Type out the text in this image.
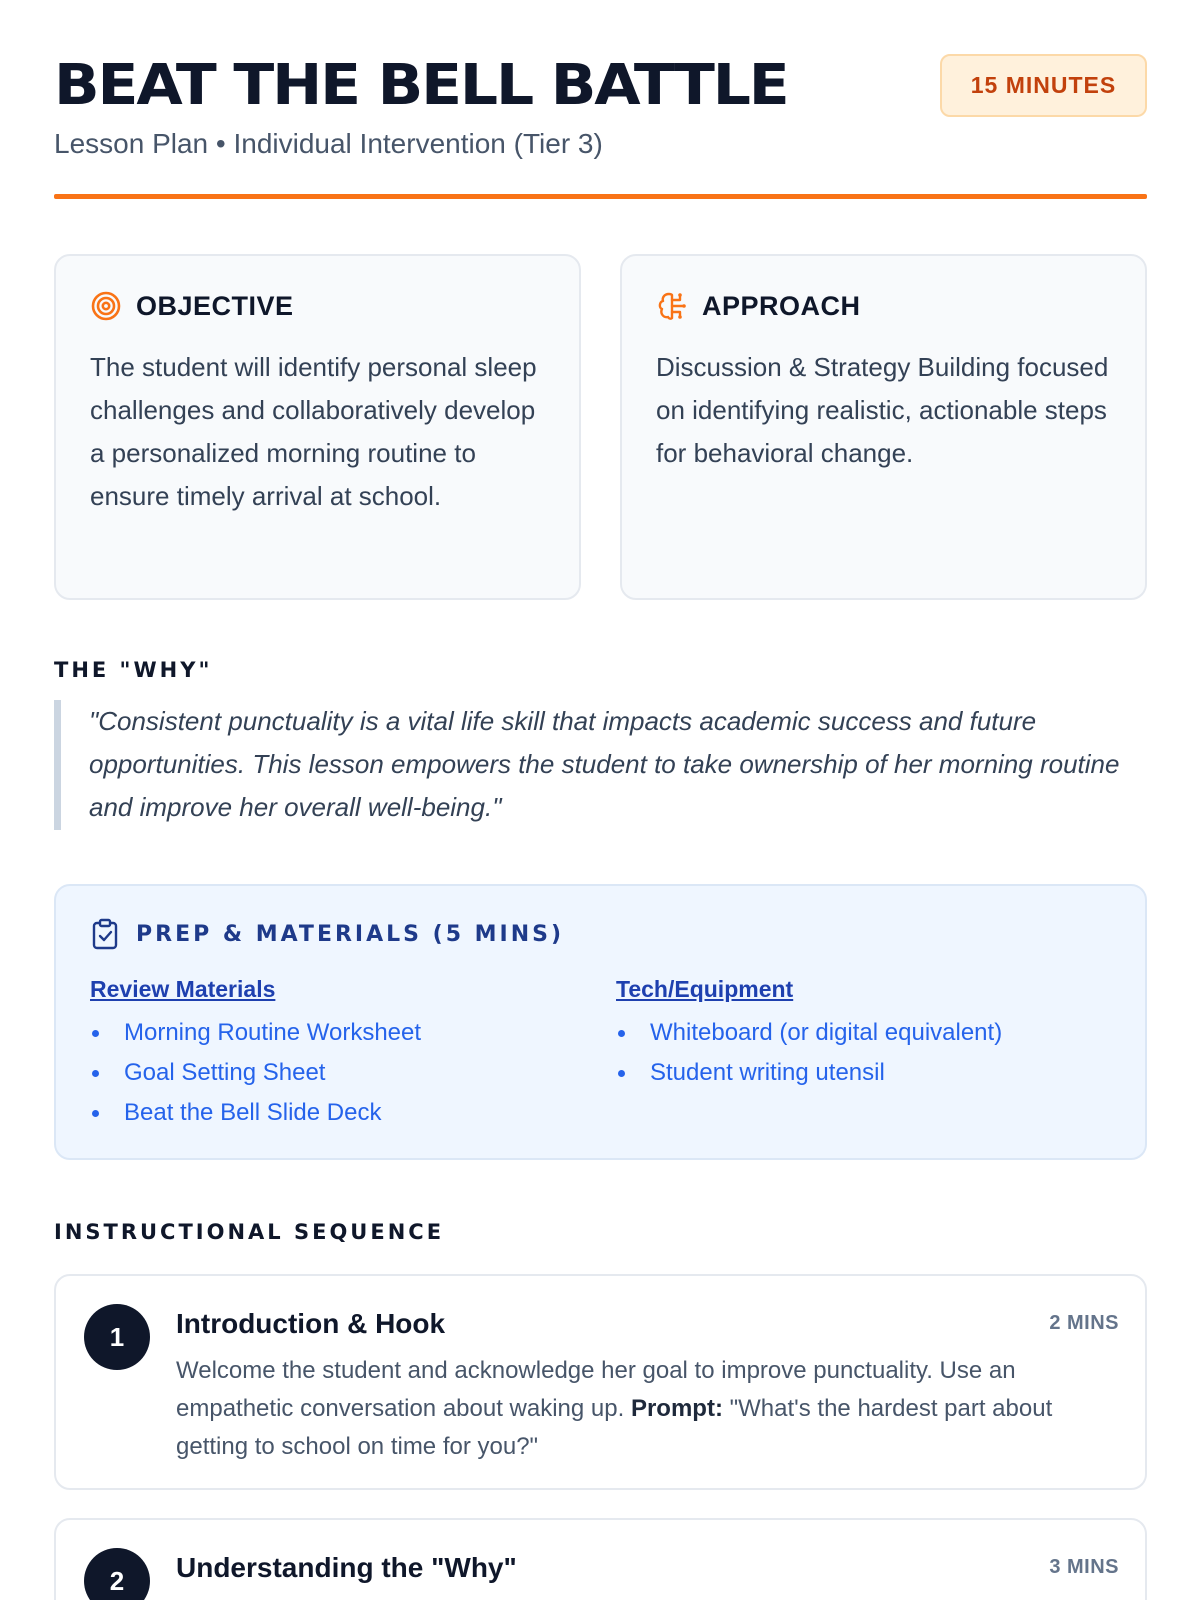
BEAT THE BELL BATTLE
Lesson Plan • Individual Intervention (Tier 3)
15 MINUTES
OBJECTIVE
The student will identify personal sleep challenges and collaboratively develop a personalized morning routine to ensure timely arrival at school.
APPROACH
Discussion & Strategy Building focused on identifying realistic, actionable steps for behavioral change.
THE "WHY"
"Consistent punctuality is a vital life skill that impacts academic success and future opportunities. This lesson empowers the student to take ownership of her morning routine and improve her overall well-being."
PREP & MATERIALS (5 MINS)
Review Materials
Morning Routine Worksheet
Goal Setting Sheet
Beat the Bell Slide Deck
Tech/Equipment
Whiteboard (or digital equivalent)
Student writing utensil
INSTRUCTIONAL SEQUENCE
1	Introduction & Hook	2 MINS
Welcome the student and acknowledge her goal to improve punctuality. Use an empathetic conversation about waking up. Prompt: "What's the hardest part about getting to school on time for you?"
2	Understanding the "Why"	3 MINS
